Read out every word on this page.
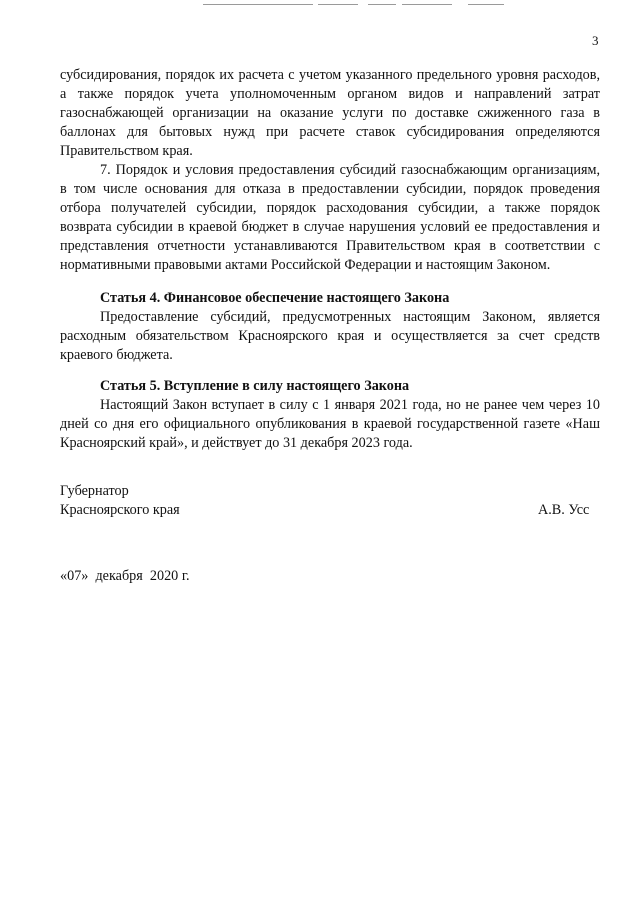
3

субсидирования, порядок их расчета с учетом указанного предельного уровня расходов, а также порядок учета уполномоченным органом видов и направлений затрат газоснабжающей организации на оказание услуги по доставке сжиженного газа в баллонах для бытовых нужд при расчете ставок субсидирования определяются Правительством края.

7. Порядок и условия предоставления субсидий газоснабжающим организациям, в том числе основания для отказа в предоставлении субсидии, порядок проведения отбора получателей субсидии, порядок расходования субсидии, а также порядок возврата субсидии в краевой бюджет в случае нарушения условий ее предоставления и представления отчетности устанавливаются Правительством края в соответствии с нормативными правовыми актами Российской Федерации и настоящим Законом.

Статья 4. Финансовое обеспечение настоящего Закона

Предоставление субсидий, предусмотренных настоящим Законом, является расходным обязательством Красноярского края и осуществляется за счет средств краевого бюджета.

Статья 5. Вступление в силу настоящего Закона

Настоящий Закон вступает в силу с 1 января 2021 года, но не ранее чем через 10 дней со дня его официального опубликования в краевой государственной газете «Наш Красноярский край», и действует до 31 декабря 2023 года.

Губернатор
Красноярского края	А.В. Усс
«07»  декабря  2020 г.
